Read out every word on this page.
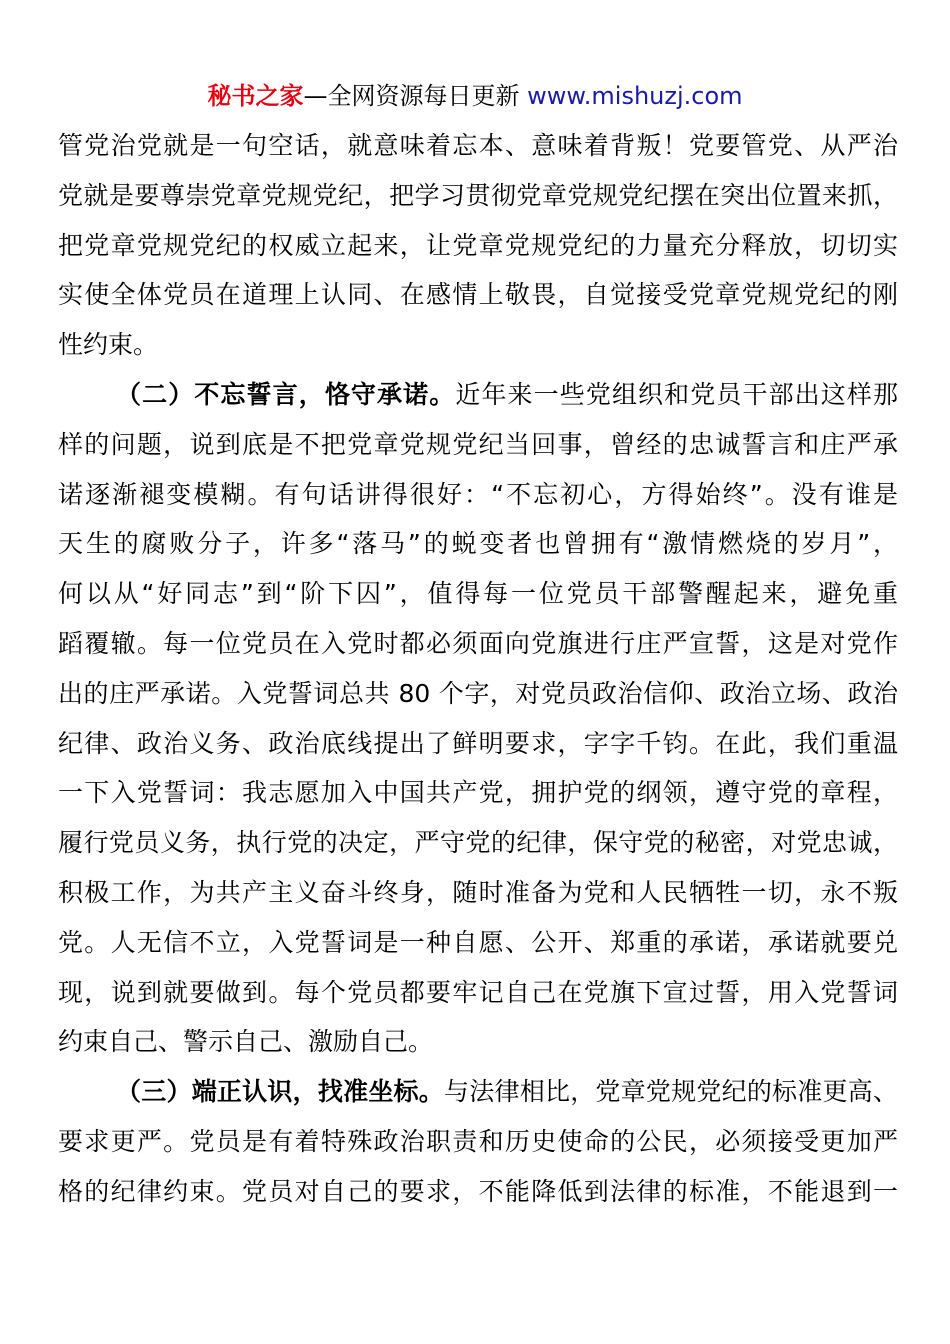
秘书之家—全网资源每日更新 www.mishuzj.com
管党治党就是一句空话，就意味着忘本、意味着背叛！党要管党、从严治
党就是要尊崇党章党规党纪，把学习贯彻党章党规党纪摆在突出位置来抓，
把党章党规党纪的权威立起来，让党章党规党纪的力量充分释放，切切实
实使全体党员在道理上认同、在感情上敬畏，自觉接受党章党规党纪的刚
性约束。
（二）不忘誓言，恪守承诺。近年来一些党组织和党员干部出这样那
样的问题，说到底是不把党章党规党纪当回事，曾经的忠诚誓言和庄严承
诺逐渐褪变模糊。有句话讲得很好：“不忘初心，方得始终”。没有谁是
天生的腐败分子，许多“落马”的蜕变者也曾拥有“激情燃烧的岁月”，
何以从“好同志”到“阶下囚”，值得每一位党员干部警醒起来，避免重
蹈覆辙。每一位党员在入党时都必须面向党旗进行庄严宣誓，这是对党作
出的庄严承诺。入党誓词总共 80 个字，对党员政治信仰、政治立场、政治
纪律、政治义务、政治底线提出了鲜明要求，字字千钧。在此，我们重温
一下入党誓词：我志愿加入中国共产党，拥护党的纲领，遵守党的章程，
履行党员义务，执行党的决定，严守党的纪律，保守党的秘密，对党忠诚，
积极工作，为共产主义奋斗终身，随时准备为党和人民牺牲一切，永不叛
党。人无信不立，入党誓词是一种自愿、公开、郑重的承诺，承诺就要兑
现，说到就要做到。每个党员都要牢记自己在党旗下宣过誓，用入党誓词
约束自己、警示自己、激励自己。
（三）端正认识，找准坐标。与法律相比，党章党规党纪的标准更高、
要求更严。党员是有着特殊政治职责和历史使命的公民，必须接受更加严
格的纪律约束。党员对自己的要求，不能降低到法律的标准，不能退到一
